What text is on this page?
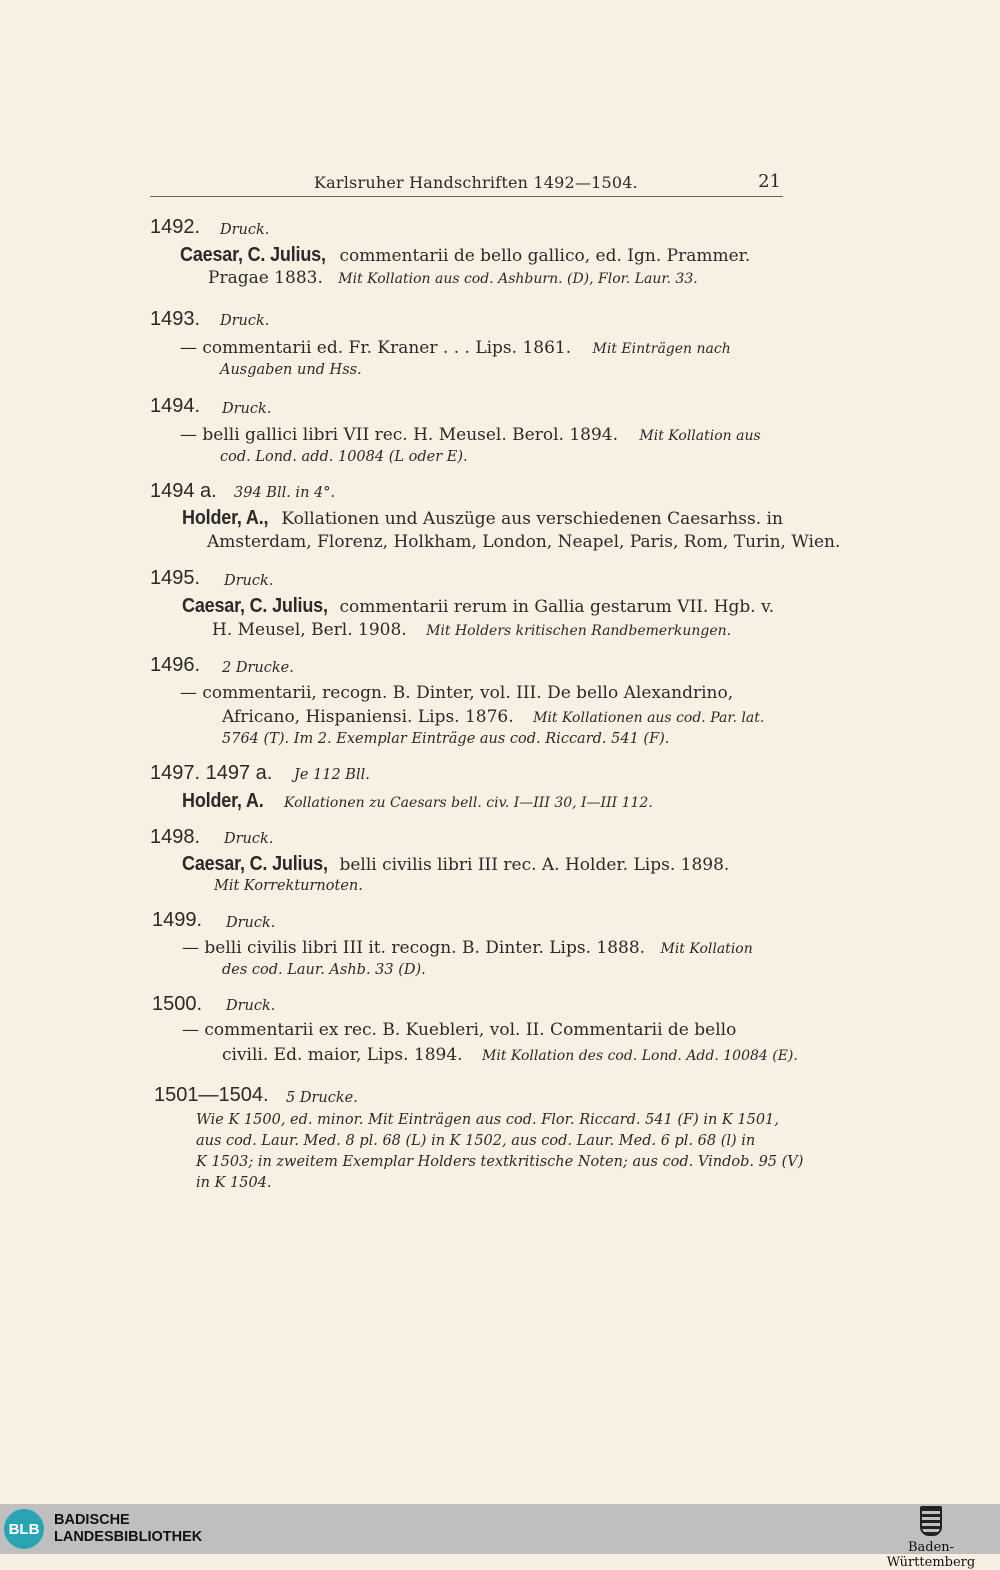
Karlsruher Handschriften 1492—1504.	21
1492. Druck.
Caesar, C. Julius, commentarii de bello gallico, ed. Ign. Prammer.
Pragae 1883. Mit Kollation aus cod. Ashburn. (D), Flor. Laur. 33.
1493. Druck.
— commentarii ed. Fr. Kraner . . . Lips. 1861. Mit Einträgen nach
Ausgaben und Hss.
1494. Druck.
— belli gallici libri VII rec. H. Meusel. Berol. 1894. Mit Kollation aus
cod. Lond. add. 10084 (L oder E).
1494 a. 394 Bll. in 4°.
Holder, A., Kollationen und Auszüge aus verschiedenen Caesarhss. in
Amsterdam, Florenz, Holkham, London, Neapel, Paris, Rom, Turin, Wien.
1495. Druck.
Caesar, C. Julius, commentarii rerum in Gallia gestarum VII. Hgb. v.
H. Meusel, Berl. 1908. Mit Holders kritischen Randbemerkungen.
1496. 2 Drucke.
— commentarii, recogn. B. Dinter, vol. III. De bello Alexandrino,
Africano, Hispaniensi. Lips. 1876. Mit Kollationen aus cod. Par. lat.
5764 (T). Im 2. Exemplar Einträge aus cod. Riccard. 541 (F).
1497. 1497 a. Je 112 Bll.
Holder, A. Kollationen zu Caesars bell. civ. I—III 30, I—III 112.
1498. Druck.
Caesar, C. Julius, belli civilis libri III rec. A. Holder. Lips. 1898.
Mit Korrekturnoten.
1499. Druck.
— belli civilis libri III it. recogn. B. Dinter. Lips. 1888. Mit Kollation
des cod. Laur. Ashb. 33 (D).
1500. Druck.
— commentarii ex rec. B. Kuebleri, vol. II. Commentarii de bello
civili. Ed. maior, Lips. 1894. Mit Kollation des cod. Lond. Add. 10084 (E).
1501—1504. 5 Drucke.
Wie K 1500, ed. minor. Mit Einträgen aus cod. Flor. Riccard. 541 (F) in K 1501,
aus cod. Laur. Med. 8 pl. 68 (L) in K 1502, aus cod. Laur. Med. 6 pl. 68 (l) in
K 1503; in zweitem Exemplar Holders textkritische Noten; aus cod. Vindob. 95 (V)
in K 1504.
BLB
BADISCHE
LANDESBIBLIOTHEK
Baden-Württemberg
